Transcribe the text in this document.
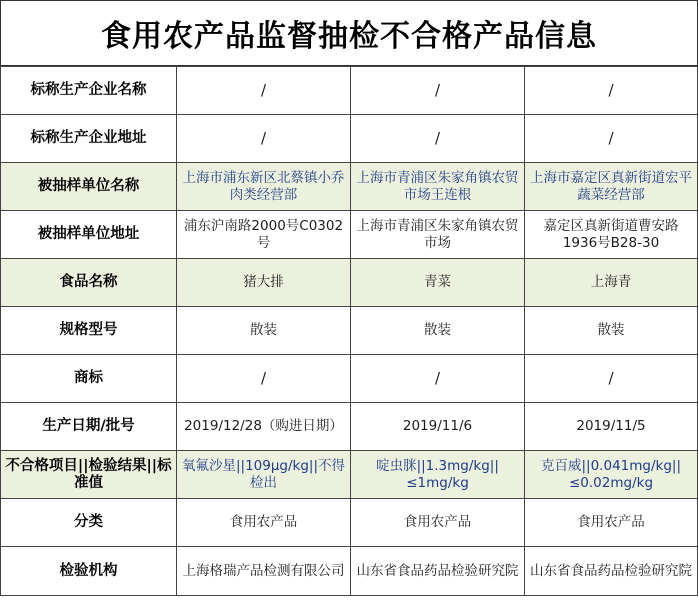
食用农产品监督抽检不合格产品信息
标称生产企业名称	/	/	/
标称生产企业地址	/	/	/
被抽样单位名称	上海市浦东新区北蔡镇小乔肉类经营部	上海市青浦区朱家角镇农贸市场王连根	上海市嘉定区真新街道宏平蔬菜经营部
被抽样单位地址	浦东沪南路2000号C0302号	上海市青浦区朱家角镇农贸市场	嘉定区真新街道曹安路1936号B28-30
食品名称	猪大排	青菜	上海青
规格型号	散装	散装	散装
商标	/	/	/
生产日期/批号	2019/12/28（购进日期）	2019/11/6	2019/11/5
不合格项目||检验结果||标准值	氧氟沙星||109μg/kg||不得检出	啶虫脒||1.3mg/kg||≤1mg/kg	克百威||0.041mg/kg||≤0.02mg/kg
分类	食用农产品	食用农产品	食用农产品
检验机构	上海格瑞产品检测有限公司	山东省食品药品检验研究院	山东省食品药品检验研究院
